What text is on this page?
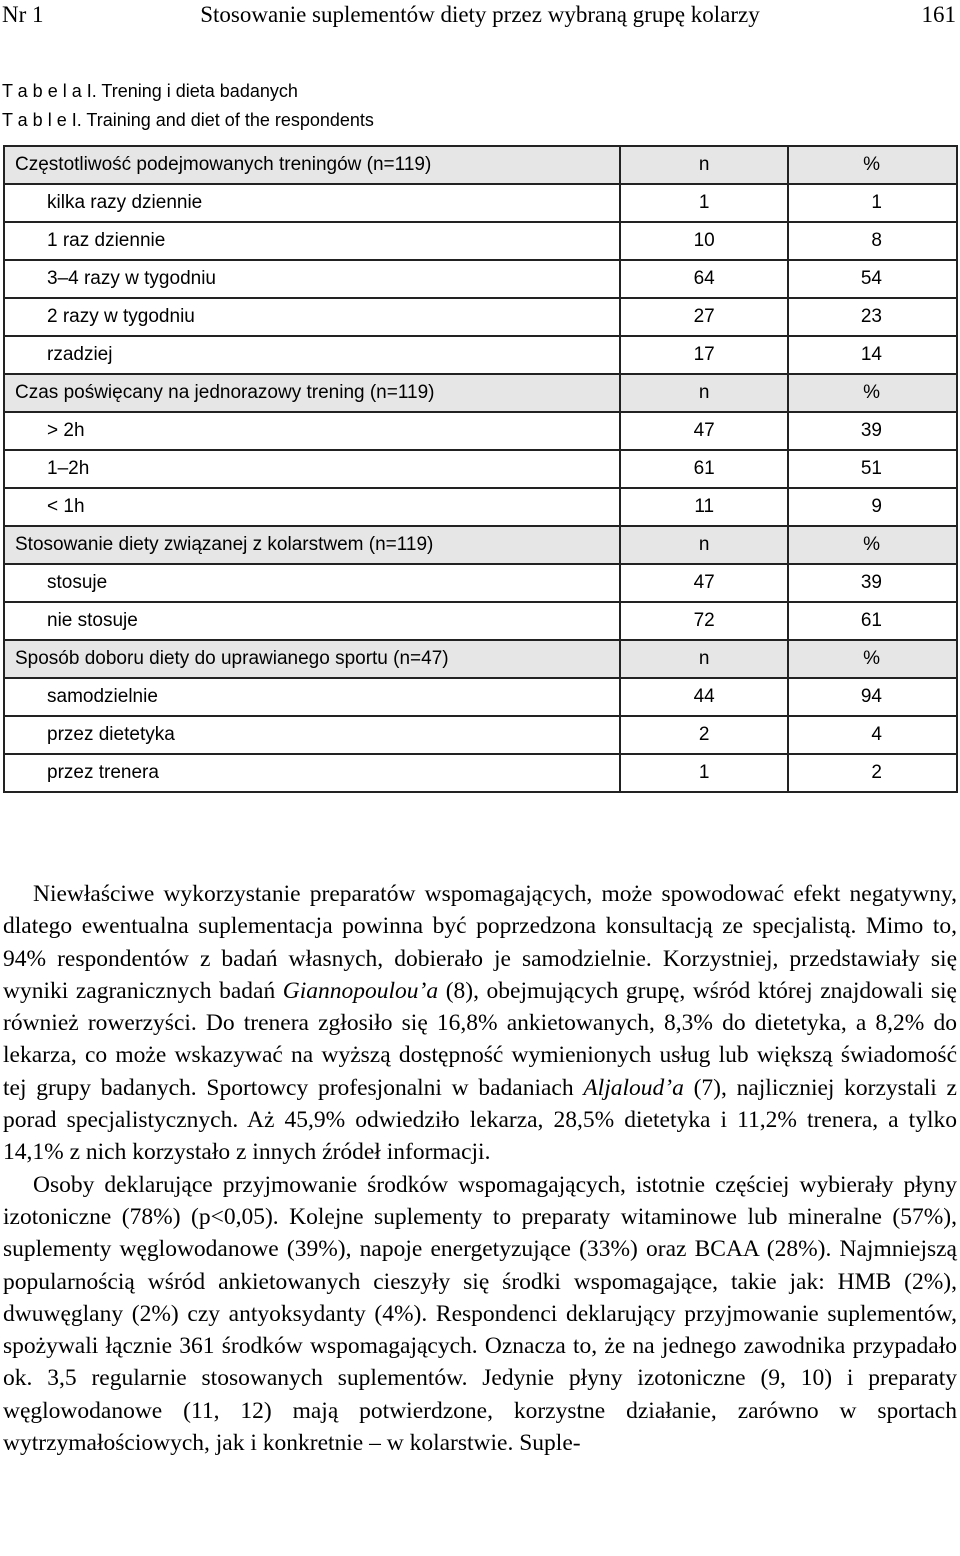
Nr 1	Stosowanie suplementów diety przez wybraną grupę kolarzy	161
T a b e l a I. Trening i dieta badanych
T a b l e I. Training and diet of the respondents
Częstotliwość podejmowanych treningów (n=119)	n	%
kilka razy dziennie	1	1
1 raz dziennie	10	8
3–4 razy w tygodniu	64	54
2 razy w tygodniu	27	23
rzadziej	17	14
Czas poświęcany na jednorazowy trening (n=119)	n	%
> 2h	47	39
1–2h	61	51
< 1h	11	9
Stosowanie diety związanej z kolarstwem (n=119)	n	%
stosuje	47	39
nie stosuje	72	61
Sposób doboru diety do uprawianego sportu (n=47)	n	%
samodzielnie	44	94
przez dietetyka	2	4
przez trenera	1	2

Niewłaściwe wykorzystanie preparatów wspomagających, może spowodować efekt negatywny, dlatego ewentualna suplementacja powinna być poprzedzona konsultacją ze specjalistą. Mimo to, 94% respondentów z badań własnych, dobierało je samodzielnie. Korzystniej, przedstawiały się wyniki zagranicznych badań Giannopoulou’a (8), obejmujących grupę, wśród której znajdowali się również rowerzyści. Do trenera zgłosiło się 16,8% ankietowanych, 8,3% do dietetyka, a 8,2% do lekarza, co może wskazywać na wyższą dostępność wymienionych usług lub większą świadomość tej grupy badanych. Sportowcy profesjonalni w badaniach Aljaloud’a (7), najliczniej korzystali z porad specjalistycznych. Aż 45,9% odwiedziło lekarza, 28,5% dietetyka i 11,2% trenera, a tylko 14,1% z nich korzystało z innych źródeł informacji.

Osoby deklarujące przyjmowanie środków wspomagających, istotnie częściej wybierały płyny izotoniczne (78%) (p<0,05). Kolejne suplementy to preparaty witaminowe lub mineralne (57%), suplementy węglowodanowe (39%), napoje energetyzujące (33%) oraz BCAA (28%). Najmniejszą popularnością wśród ankietowanych cieszyły się środki wspomagające, takie jak: HMB (2%), dwuwęglany (2%) czy antyoksydanty (4%). Respondenci deklarujący przyjmowanie suplementów, spożywali łącznie 361 środków wspomagających. Oznacza to, że na jednego zawodnika przypadało ok. 3,5 regularnie stosowanych suplementów. Jedynie płyny izotoniczne (9, 10) i preparaty węglowodanowe (11, 12) mają potwierdzone, korzystne działanie, zarówno w sportach wytrzymałościowych, jak i konkretnie – w kolarstwie. Suple-
